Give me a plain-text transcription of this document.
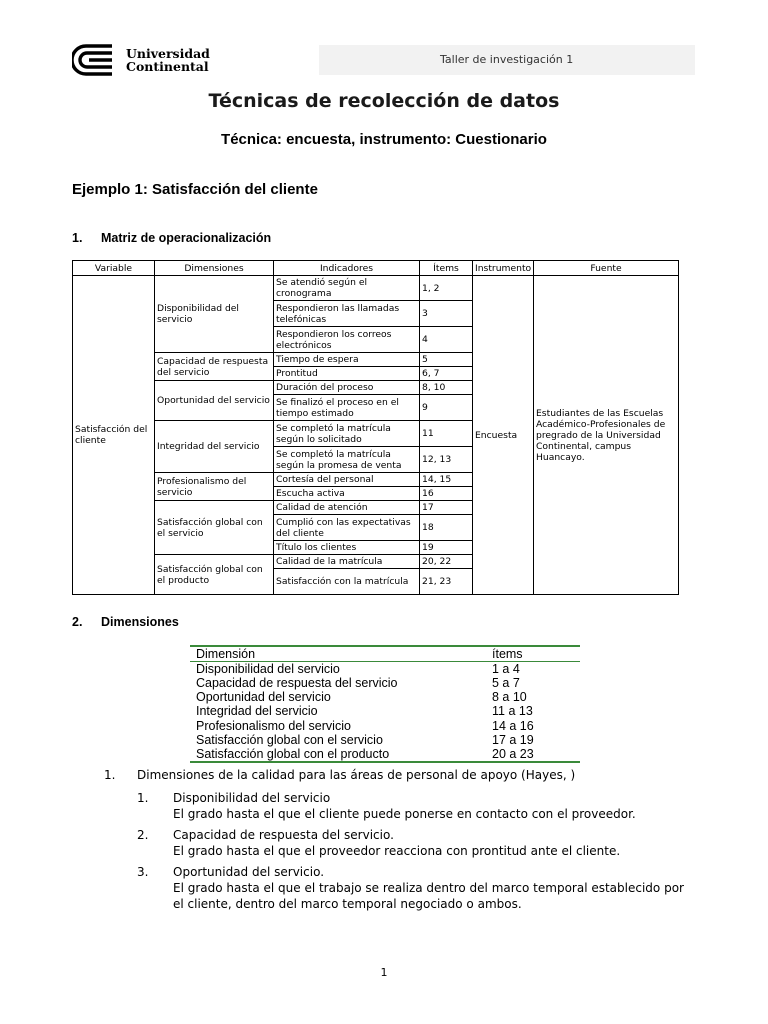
Universidad
Continental	Taller de investigación 1
Técnicas de recolección de datos
Técnica: encuesta, instrumento: Cuestionario
Ejemplo 1: Satisfacción del cliente
1. Matriz de operacionalización
Variable	Dimensiones	Indicadores	Ítems	Instrumento	Fuente
Satisfacción del cliente	Disponibilidad del servicio	Se atendió según el cronograma	1, 2	Encuesta	Estudiantes de las Escuelas Académico-Profesionales de pregrado de la Universidad Continental, campus Huancayo.
		Respondieron las llamadas telefónicas	3		
		Respondieron los correos electrónicos	4		
	Capacidad de respuesta del servicio	Tiempo de espera	5		
		Prontitud	6, 7		
	Oportunidad del servicio	Duración del proceso	8, 10		
		Se finalizó el proceso en el tiempo estimado	9		
	Integridad del servicio	Se completó la matrícula según lo solicitado	11		
		Se completó la matrícula según la promesa de venta	12, 13		
	Profesionalismo del servicio	Cortesía del personal	14, 15		
		Escucha activa	16		
	Satisfacción global con el servicio	Calidad de atención	17		
		Cumplió con las expectativas del cliente	18		
		Título los clientes	19		
	Satisfacción global con el producto	Calidad de la matrícula	20, 22		
		Satisfacción con la matrícula	21, 23		
2. Dimensiones
Dimensión	ítems
Disponibilidad del servicio	1 a 4
Capacidad de respuesta del servicio	5 a 7
Oportunidad del servicio	8 a 10
Integridad del servicio	11 a 13
Profesionalismo del servicio	14 a 16
Satisfacción global con el servicio	17 a 19
Satisfacción global con el producto	20 a 23
1. Dimensiones de la calidad para las áreas de personal de apoyo (Hayes, )
1. Disponibilidad del servicio
El grado hasta el que el cliente puede ponerse en contacto con el proveedor.
2. Capacidad de respuesta del servicio.
El grado hasta el que el proveedor reacciona con prontitud ante el cliente.
3. Oportunidad del servicio.
El grado hasta el que el trabajo se realiza dentro del marco temporal establecido por el cliente, dentro del marco temporal negociado o ambos.
1
